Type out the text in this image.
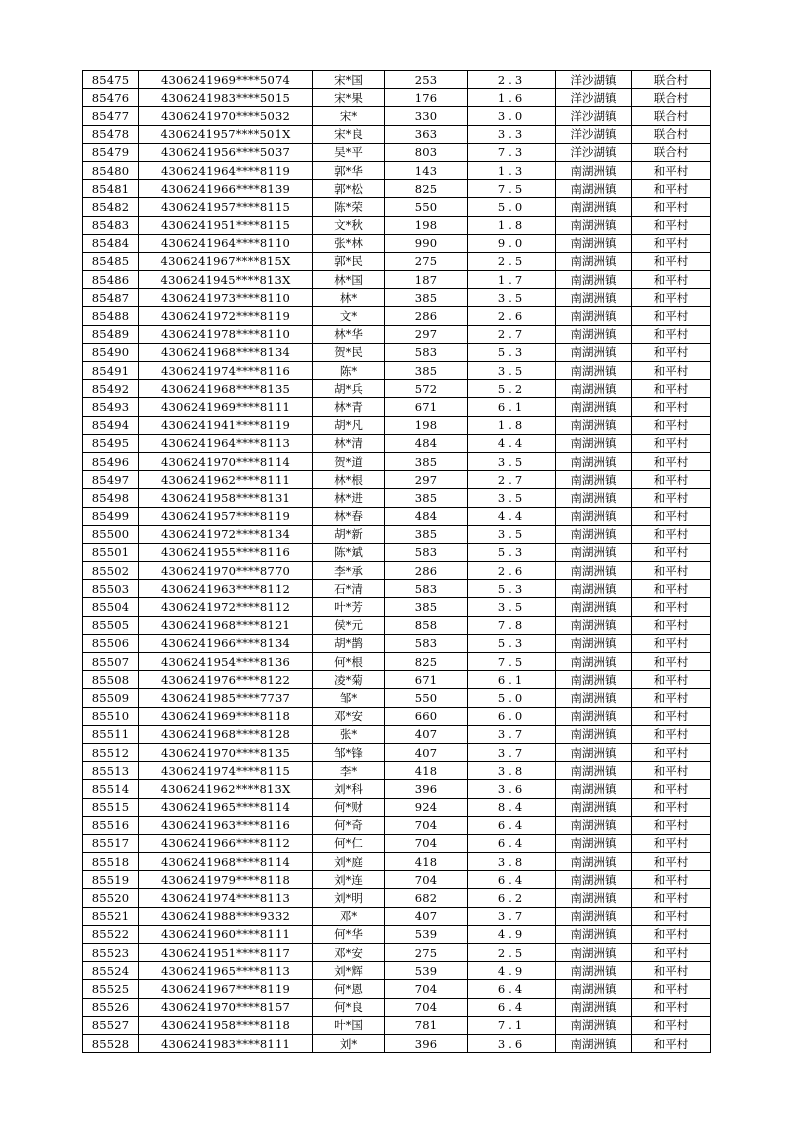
85475	4306241969****5074	宋*国	253	2.3	洋沙湖镇	联合村
85476	4306241983****5015	宋*果	176	1.6	洋沙湖镇	联合村
85477	4306241970****5032	宋*	330	3.0	洋沙湖镇	联合村
85478	4306241957****501X	宋*良	363	3.3	洋沙湖镇	联合村
85479	4306241956****5037	吴*平	803	7.3	洋沙湖镇	联合村
85480	4306241964****8119	郭*华	143	1.3	南湖洲镇	和平村
85481	4306241966****8139	郭*松	825	7.5	南湖洲镇	和平村
85482	4306241957****8115	陈*荣	550	5.0	南湖洲镇	和平村
85483	4306241951****8115	文*秋	198	1.8	南湖洲镇	和平村
85484	4306241964****8110	张*林	990	9.0	南湖洲镇	和平村
85485	4306241967****815X	郭*民	275	2.5	南湖洲镇	和平村
85486	4306241945****813X	林*国	187	1.7	南湖洲镇	和平村
85487	4306241973****8110	林*	385	3.5	南湖洲镇	和平村
85488	4306241972****8119	文*	286	2.6	南湖洲镇	和平村
85489	4306241978****8110	林*华	297	2.7	南湖洲镇	和平村
85490	4306241968****8134	贺*民	583	5.3	南湖洲镇	和平村
85491	4306241974****8116	陈*	385	3.5	南湖洲镇	和平村
85492	4306241968****8135	胡*兵	572	5.2	南湖洲镇	和平村
85493	4306241969****8111	林*青	671	6.1	南湖洲镇	和平村
85494	4306241941****8119	胡*凡	198	1.8	南湖洲镇	和平村
85495	4306241964****8113	林*清	484	4.4	南湖洲镇	和平村
85496	4306241970****8114	贺*道	385	3.5	南湖洲镇	和平村
85497	4306241962****8111	林*根	297	2.7	南湖洲镇	和平村
85498	4306241958****8131	林*进	385	3.5	南湖洲镇	和平村
85499	4306241957****8119	林*春	484	4.4	南湖洲镇	和平村
85500	4306241972****8134	胡*新	385	3.5	南湖洲镇	和平村
85501	4306241955****8116	陈*斌	583	5.3	南湖洲镇	和平村
85502	4306241970****8770	李*承	286	2.6	南湖洲镇	和平村
85503	4306241963****8112	石*清	583	5.3	南湖洲镇	和平村
85504	4306241972****8112	叶*芳	385	3.5	南湖洲镇	和平村
85505	4306241968****8121	侯*元	858	7.8	南湖洲镇	和平村
85506	4306241966****8134	胡*鹊	583	5.3	南湖洲镇	和平村
85507	4306241954****8136	何*根	825	7.5	南湖洲镇	和平村
85508	4306241976****8122	凌*菊	671	6.1	南湖洲镇	和平村
85509	4306241985****7737	邹*	550	5.0	南湖洲镇	和平村
85510	4306241969****8118	邓*安	660	6.0	南湖洲镇	和平村
85511	4306241968****8128	张*	407	3.7	南湖洲镇	和平村
85512	4306241970****8135	邹*锋	407	3.7	南湖洲镇	和平村
85513	4306241974****8115	李*	418	3.8	南湖洲镇	和平村
85514	4306241962****813X	刘*科	396	3.6	南湖洲镇	和平村
85515	4306241965****8114	何*财	924	8.4	南湖洲镇	和平村
85516	4306241963****8116	何*奇	704	6.4	南湖洲镇	和平村
85517	4306241966****8112	何*仁	704	6.4	南湖洲镇	和平村
85518	4306241968****8114	刘*庭	418	3.8	南湖洲镇	和平村
85519	4306241979****8118	刘*连	704	6.4	南湖洲镇	和平村
85520	4306241974****8113	刘*明	682	6.2	南湖洲镇	和平村
85521	4306241988****9332	邓*	407	3.7	南湖洲镇	和平村
85522	4306241960****8111	何*华	539	4.9	南湖洲镇	和平村
85523	4306241951****8117	邓*安	275	2.5	南湖洲镇	和平村
85524	4306241965****8113	刘*辉	539	4.9	南湖洲镇	和平村
85525	4306241967****8119	何*恩	704	6.4	南湖洲镇	和平村
85526	4306241970****8157	何*良	704	6.4	南湖洲镇	和平村
85527	4306241958****8118	叶*国	781	7.1	南湖洲镇	和平村
85528	4306241983****8111	刘*	396	3.6	南湖洲镇	和平村
